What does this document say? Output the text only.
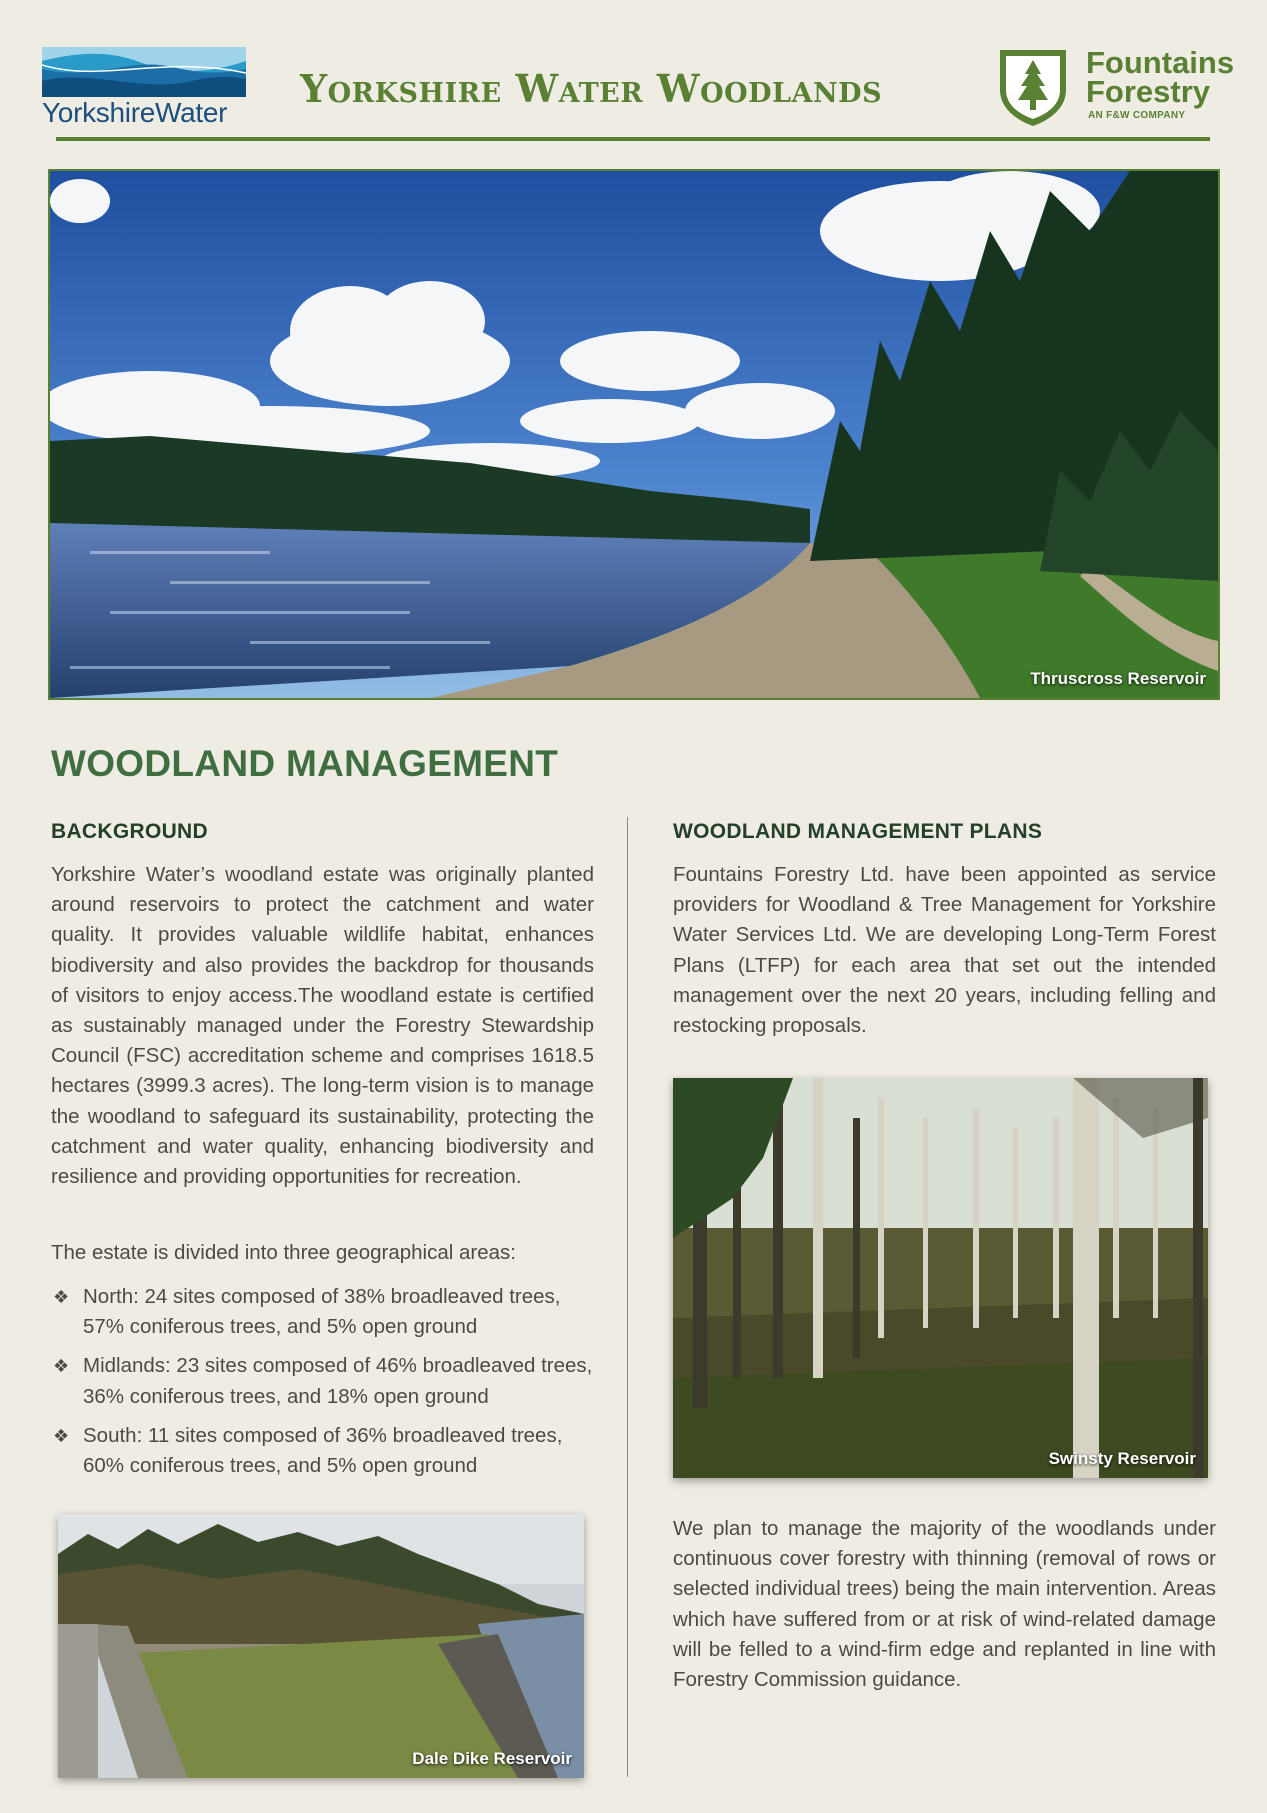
YorkshireWater
Yorkshire Water Woodlands
Fountains
Forestry
AN F&W COMPANY
Thruscross Reservoir
WOODLAND MANAGEMENT
BACKGROUND
Yorkshire Water’s woodland estate was originally planted around reservoirs to protect the catchment and water quality. It provides valuable wildlife habitat, enhances biodiversity and also provides the backdrop for thousands of visitors to enjoy access.The woodland estate is certified as sustainably managed under the Forestry Stewardship Council (FSC) accreditation scheme and comprises 1618.5 hectares (3999.3 acres). The long-term vision is to manage the woodland to safeguard its sustainability, protecting the catchment and water quality, enhancing biodiversity and resilience and providing opportunities for recreation.
The estate is divided into three geographical areas:
❖ North: 24 sites composed of 38% broadleaved trees, 57% coniferous trees, and 5% open ground
❖ Midlands: 23 sites composed of 46% broadleaved trees, 36% coniferous trees, and 18% open ground
❖ South: 11 sites composed of 36% broadleaved trees, 60% coniferous trees, and 5% open ground
Dale Dike Reservoir
WOODLAND MANAGEMENT PLANS
Fountains Forestry Ltd. have been appointed as service providers for Woodland & Tree Management for Yorkshire Water Services Ltd. We are developing Long-Term Forest Plans (LTFP) for each area that set out the intended management over the next 20 years, including felling and restocking proposals.
Swinsty Reservoir
We plan to manage the majority of the woodlands under continuous cover forestry with thinning (removal of rows or selected individual trees) being the main intervention. Areas which have suffered from or at risk of wind-related damage will be felled to a wind-firm edge and replanted in line with Forestry Commission guidance.
